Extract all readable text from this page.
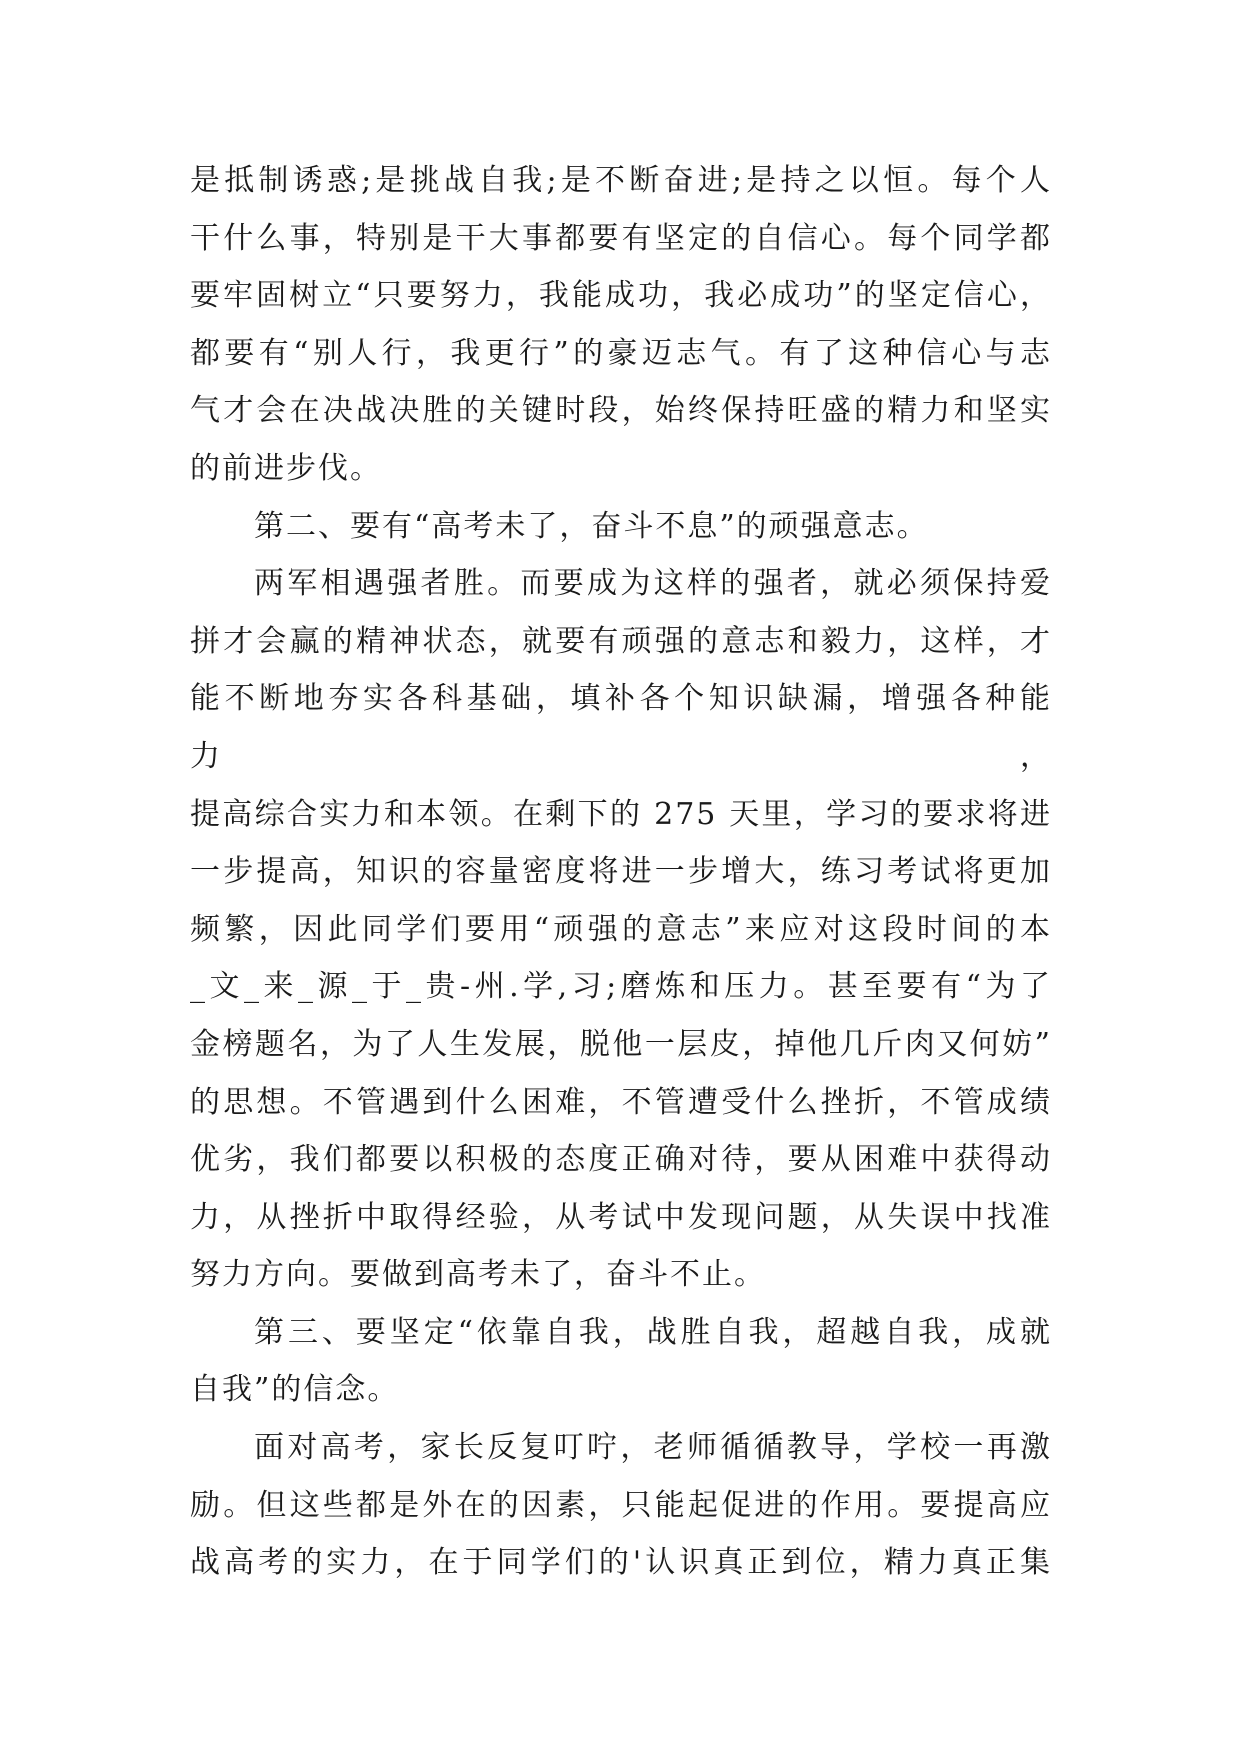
是抵制诱惑;是挑战自我;是不断奋进;是持之以恒。每个人
干什么事，特别是干大事都要有坚定的自信心。每个同学都
要牢固树立“只要努力，我能成功，我必成功”的坚定信心，
都要有“别人行，我更行”的豪迈志气。有了这种信心与志
气才会在决战决胜的关键时段，始终保持旺盛的精力和坚实
的前进步伐。
第二、要有“高考未了，奋斗不息”的顽强意志。
两军相遇强者胜。而要成为这样的强者，就必须保持爱
拼才会赢的精神状态，就要有顽强的意志和毅力，这样，才
能不断地夯实各科基础，填补各个知识缺漏，增强各种能力，
提高综合实力和本领。在剩下的 275 天里，学习的要求将进
一步提高，知识的容量密度将进一步增大，练习考试将更加
频繁，因此同学们要用“顽强的意志”来应对这段时间的本
_文_来_源_于_贵-州.学,习;磨炼和压力。甚至要有“为了
金榜题名，为了人生发展，脱他一层皮，掉他几斤肉又何妨”
的思想。不管遇到什么困难，不管遭受什么挫折，不管成绩
优劣，我们都要以积极的态度正确对待，要从困难中获得动
力，从挫折中取得经验，从考试中发现问题，从失误中找准
努力方向。要做到高考未了，奋斗不止。
第三、要坚定“依靠自我，战胜自我，超越自我，成就
自我”的信念。
面对高考，家长反复叮咛，老师循循教导，学校一再激
励。但这些都是外在的因素，只能起促进的作用。要提高应
战高考的实力，在于同学们的'认识真正到位，精力真正集
